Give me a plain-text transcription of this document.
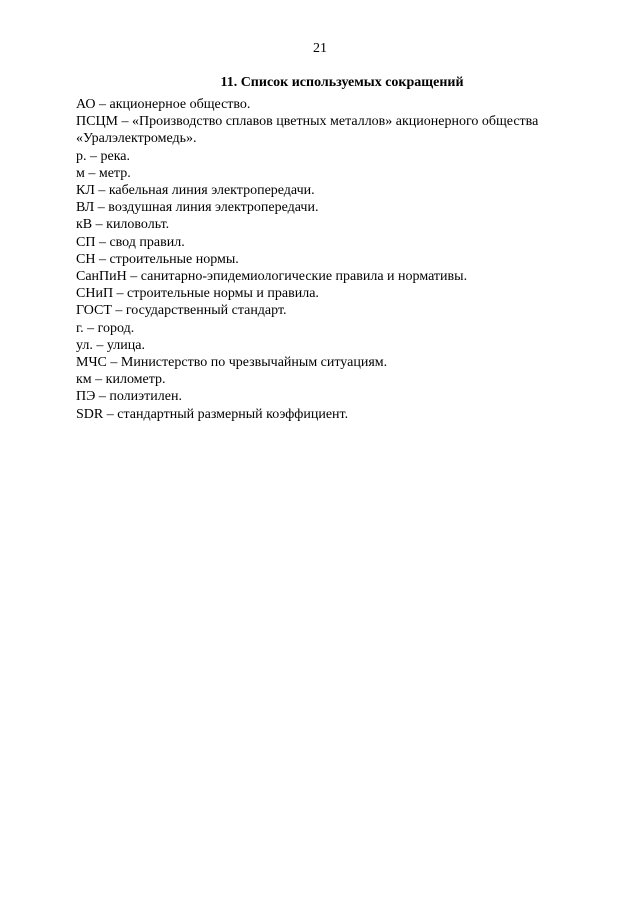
21
11. Список используемых сокращений
АО – акционерное общество.
ПСЦМ – «Производство сплавов цветных металлов» акционерного общества «Уралэлектромедь».
р. – река.
м – метр.
КЛ – кабельная линия электропередачи.
ВЛ – воздушная линия электропередачи.
кВ – киловольт.
СП – свод правил.
СН – строительные нормы.
СанПиН – санитарно-эпидемиологические правила и нормативы.
СНиП – строительные нормы и правила.
ГОСТ – государственный стандарт.
г. – город.
ул. – улица.
МЧС – Министерство по чрезвычайным ситуациям.
км – километр.
ПЭ – полиэтилен.
SDR – стандартный размерный коэффициент.
